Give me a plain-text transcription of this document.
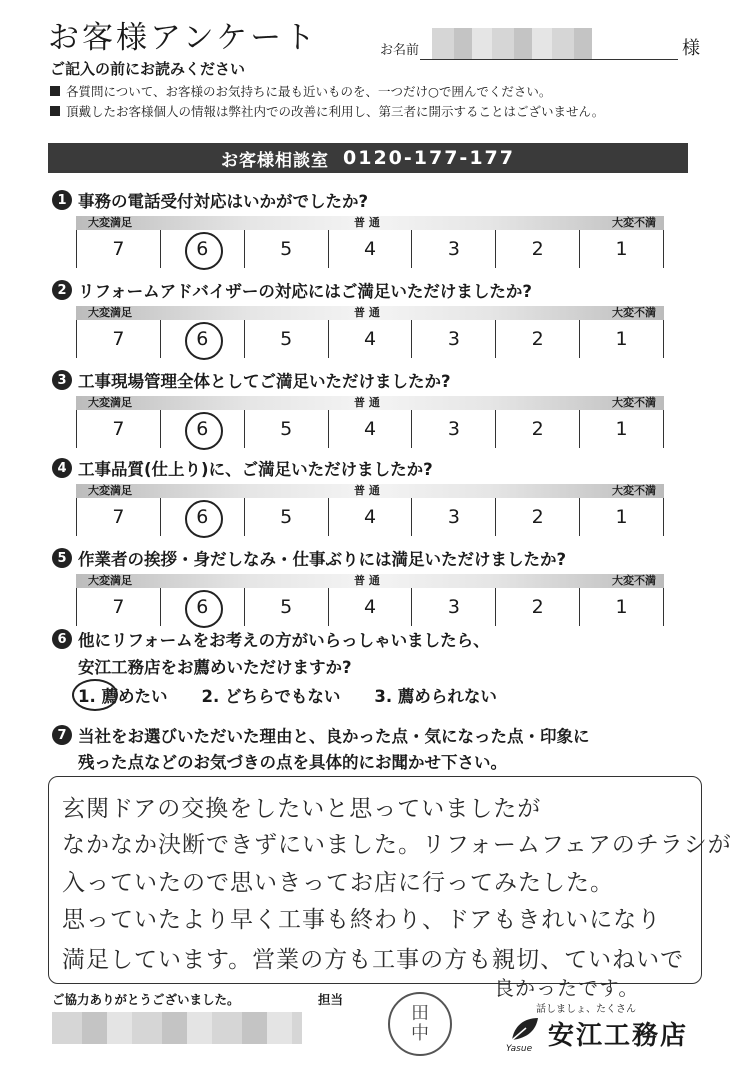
お客様アンケート	お名前	様
ご記入の前にお読みください
各質問について、お客様のお気持ちに最も近いものを、一つだけ○で囲んでください。
頂戴したお客様個人の情報は弊社内での改善に利用し、第三者に開示することはございません。
お客様相談室 0120-177-177
1 事務の電話受付対応はいかがでしたか?
大変満足	普 通	大変不満
7	6	5	4	3	2	1
2 リフォームアドバイザーの対応にはご満足いただけましたか?
大変満足	普 通	大変不満
7	6	5	4	3	2	1
3 工事現場管理全体としてご満足いただけましたか?
大変満足	普 通	大変不満
7	6	5	4	3	2	1
4 工事品質(仕上り)に、ご満足いただけましたか?
大変満足	普 通	大変不満
7	6	5	4	3	2	1
5 作業者の挨拶・身だしなみ・仕事ぶりには満足いただけましたか?
大変満足	普 通	大変不満
7	6	5	4	3	2	1
6 他にリフォームをお考えの方がいらっしゃいましたら、
安江工務店をお薦めいただけますか?
1. 薦めたい 2. どちらでもない 3. 薦められない
7 当社をお選びいただいた理由と、良かった点・気になった点・印象に
残った点などのお気づきの点を具体的にお聞かせ下さい。
玄関ドアの交換をしたいと思っていましたが
なかなか決断できずにいました。リフォームフェアのチラシが
入っていたので思いきってお店に行ってみたした。
思っていたより早く工事も終わり、ドアもきれいになり
満足しています。営業の方も工事の方も親切、ていねいで
良かったです。
ご協力ありがとうございました。	担当
田
中
話しましょ、たくさん
安江工務店
Yasue
